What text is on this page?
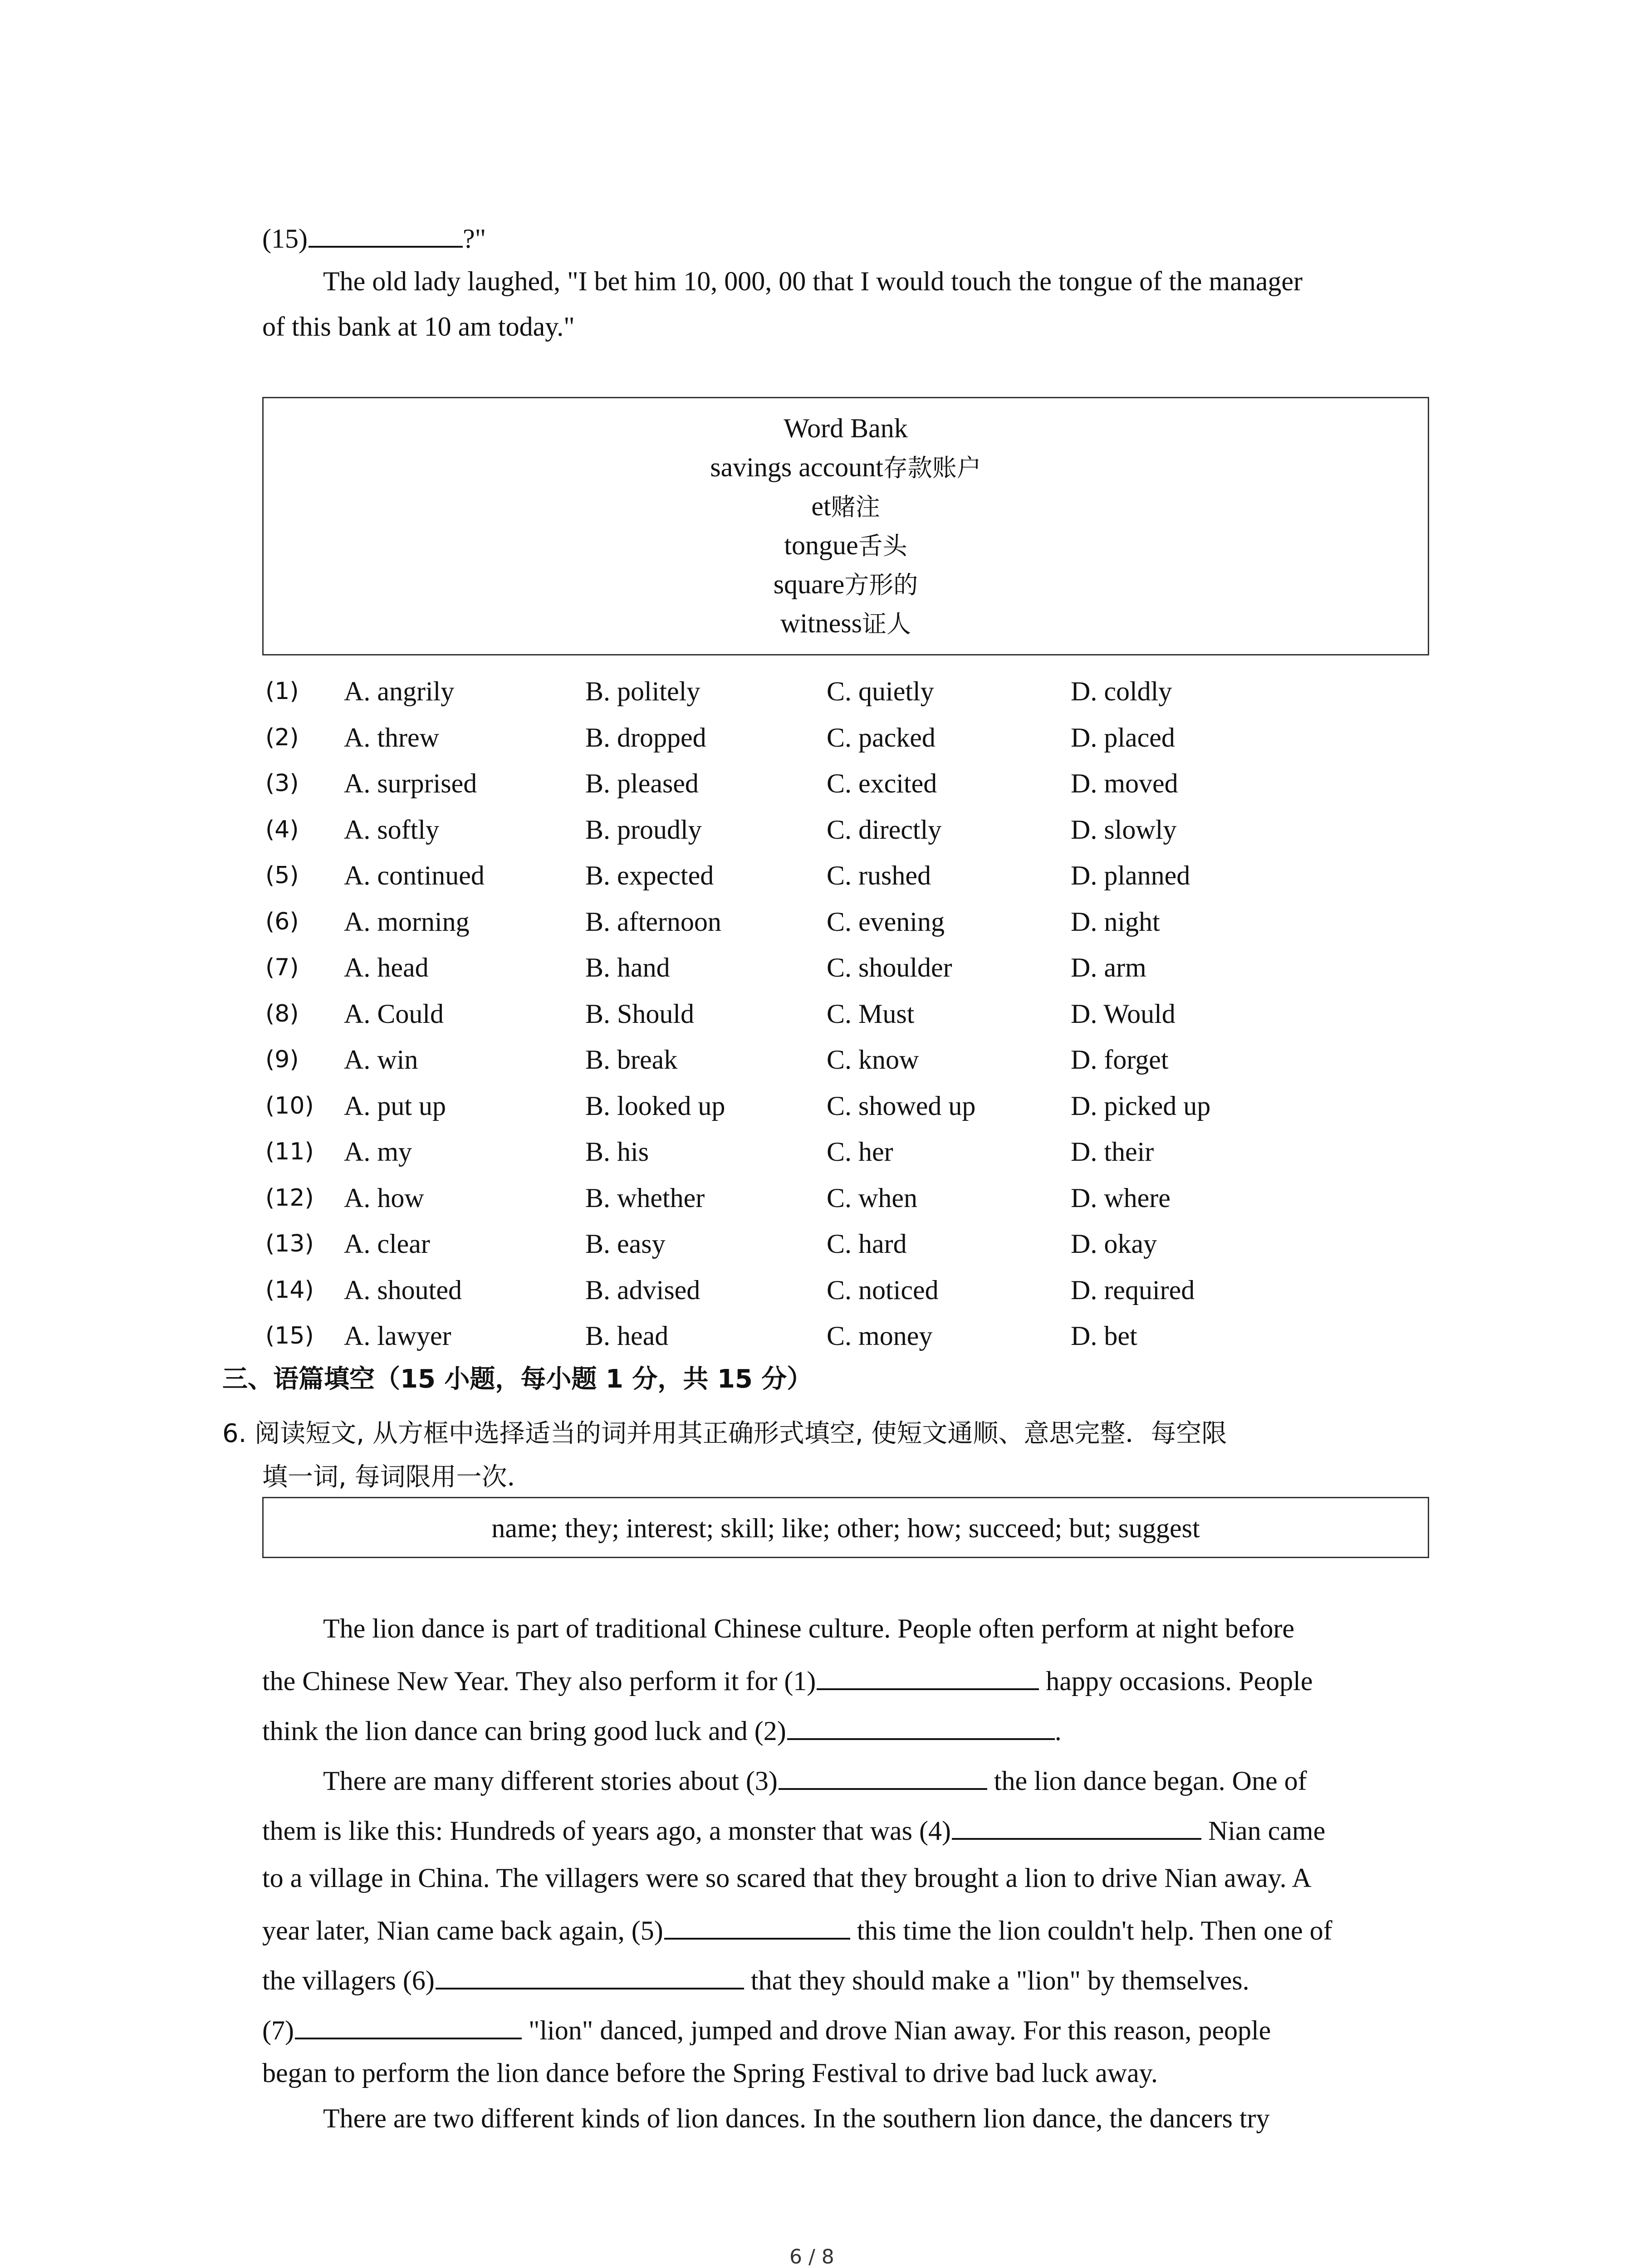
(15)	?"
The old lady laughed, "I bet him 10, 000, 00 that I would touch the tongue of the manager
of this bank at 10 am today."
Word Bank
savings account存款账户
et赌注
tongue舌头
square方形的
witness证人
(1) A. angrily	B. politely	C. quietly	D. coldly
(2) A. threw	B. dropped	C. packed	D. placed
(3) A. surprised	B. pleased	C. excited	D. moved
(4) A. softly	B. proudly	C. directly	D. slowly
(5) A. continued	B. expected	C. rushed	D. planned
(6) A. morning	B. afternoon	C. evening	D. night
(7) A. head	B. hand	C. shoulder	D. arm
(8) A. Could	B. Should	C. Must	D. Would
(9) A. win	B. break	C. know	D. forget
(10) A. put up	B. looked up	C. showed up	D. picked up
(11) A. my	B. his	C. her	D. their
(12) A. how	B. whether	C. when	D. where
(13) A. clear	B. easy	C. hard	D. okay
(14) A. shouted	B. advised	C. noticed	D. required
(15) A. lawyer	B. head	C. money	D. bet
三、语篇填空（15 小题，每小题 1 分，共 15 分）
6. 阅读短文, 从方框中选择适当的词并用其正确形式填空, 使短文通顺、意思完整．每空限
填一词, 每词限用一次．
name; they; interest; skill; like; other; how; succeed; but; suggest
The lion dance is part of traditional Chinese culture. People often perform at night before
the Chinese New Year. They also perform it for (1)	happy occasions. People
think the lion dance can bring good luck and (2)	.
There are many different stories about (3)	the lion dance began. One of
them is like this: Hundreds of years ago, a monster that was (4)	Nian came
to a village in China. The villagers were so scared that they brought a lion to drive Nian away. A
year later, Nian came back again, (5)	this time the lion couldn't help. Then one of
the villagers (6)	that they should make a "lion" by themselves.
(7)	"lion" danced, jumped and drove Nian away. For this reason, people
began to perform the lion dance before the Spring Festival to drive bad luck away.
There are two different kinds of lion dances. In the southern lion dance, the dancers try
6 / 8
